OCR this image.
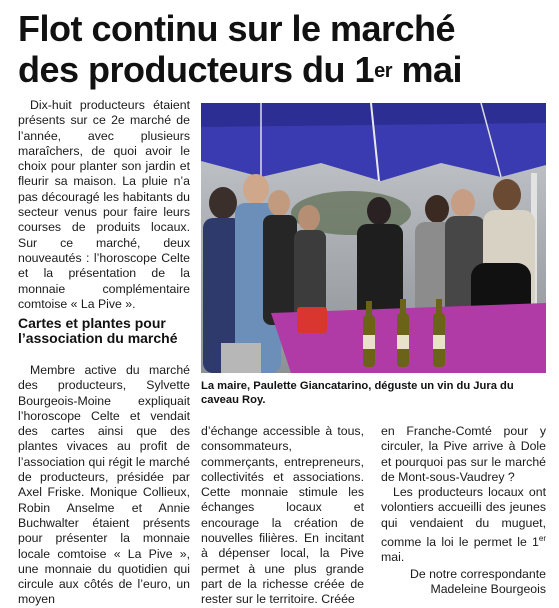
Flot continu sur le marché
des producteurs du 1er mai

Dix-huit producteurs étaient présents sur ce 2e marché de l’année, avec plusieurs maraîchers, de quoi avoir le choix pour planter son jardin et fleurir sa maison. La pluie n’a pas découragé les habitants du secteur venus pour faire leurs courses de produits locaux. Sur ce marché, deux nouveautés : l’horoscope Celte et la présentation de la monnaie complémentaire comtoise « La Pive ».

Cartes et plantes pour l’association du marché

Membre active du marché des producteurs, Sylvette Bourgeois-Moine expliquait l’horoscope Celte et vendait des cartes ainsi que des plantes vivaces au profit de l’association qui régit le marché de producteurs, présidée par Axel Friske. Monique Collieux, Robin Anselme et Annie Buchwalter étaient présents pour présenter la monnaie locale comtoise « La Pive », une monnaie du quotidien qui circule aux côtés de l’euro, un moyen

La maire, Paulette Giancatarino, déguste un vin du Jura du caveau Roy.

d’échange accessible à tous, consommateurs, commerçants, entrepreneurs, collectivités et associations. Cette monnaie stimule les échanges locaux et encourage la création de nouvelles filières. En incitant à dépenser local, la Pive permet à une plus grande part de la richesse créée de rester sur le territoire. Créée

en Franche-Comté pour y circuler, la Pive arrive à Dole et pourquoi pas sur le marché de Mont-sous-Vaudrey ?

Les producteurs locaux ont volontiers accueilli des jeunes qui vendaient du muguet, comme la loi le permet le 1er mai.

De notre correspondante
Madeleine Bourgeois
